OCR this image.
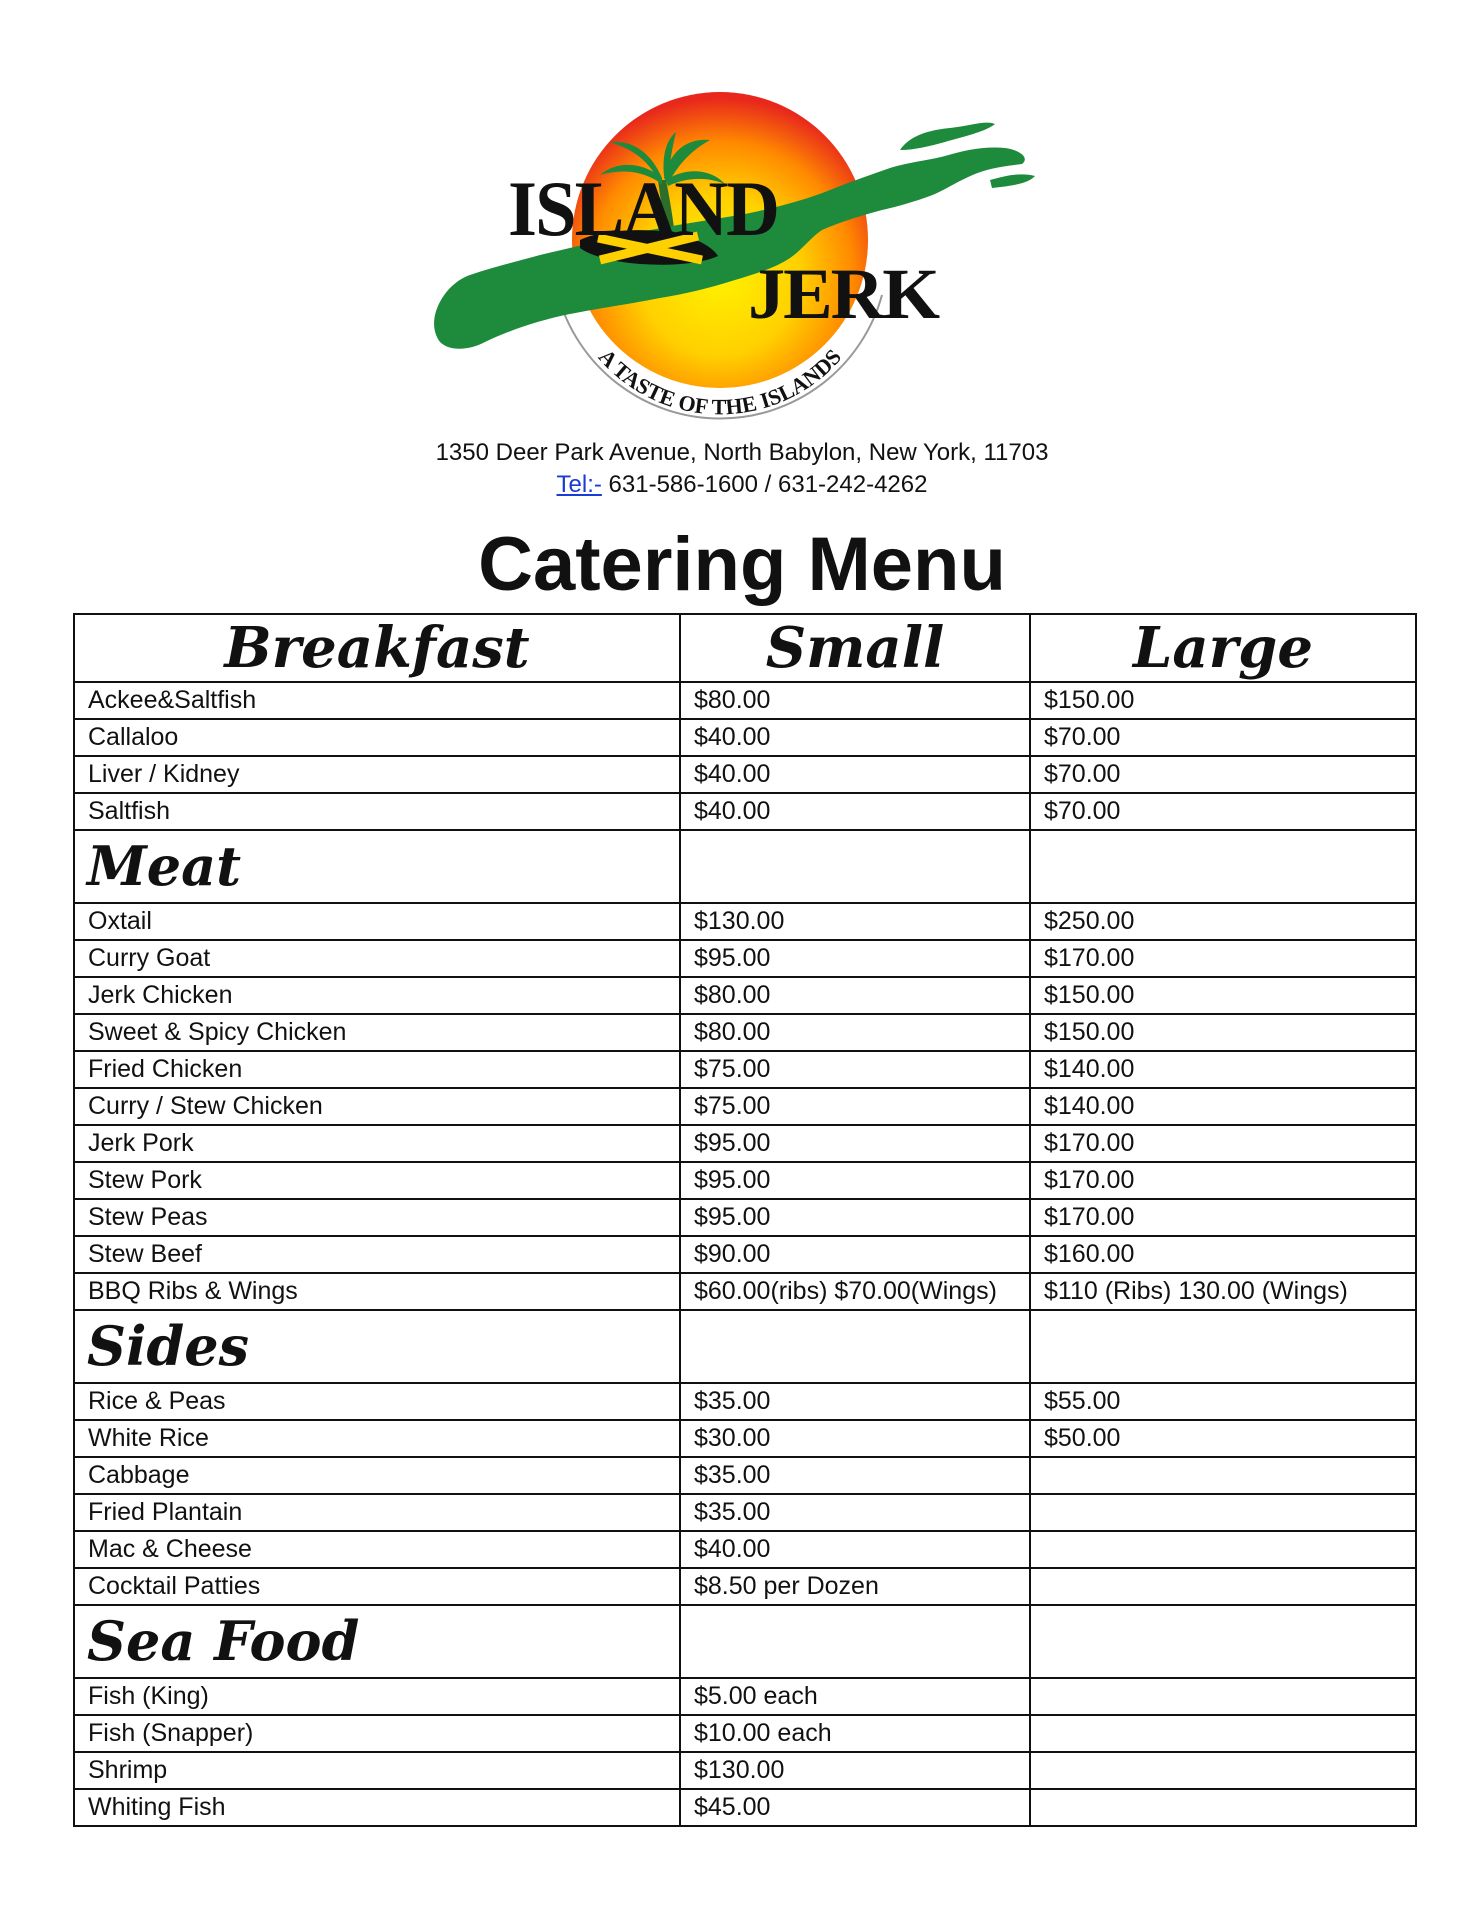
ISLAND
JERK
A TASTE OF THE ISLANDS
1350 Deer Park Avenue, North Babylon, New York, 11703
Tel:- 631-586-1600 / 631-242-4262
Catering Menu
Breakfast	Small	Large
Ackee&Saltfish	$80.00	$150.00
Callaloo	$40.00	$70.00
Liver / Kidney	$40.00	$70.00
Saltfish	$40.00	$70.00
Meat		
Oxtail	$130.00	$250.00
Curry Goat	$95.00	$170.00
Jerk Chicken	$80.00	$150.00
Sweet & Spicy Chicken	$80.00	$150.00
Fried Chicken	$75.00	$140.00
Curry / Stew Chicken	$75.00	$140.00
Jerk Pork	$95.00	$170.00
Stew Pork	$95.00	$170.00
Stew Peas	$95.00	$170.00
Stew Beef	$90.00	$160.00
BBQ Ribs & Wings	$60.00(ribs) $70.00(Wings)	$110 (Ribs) 130.00 (Wings)
Sides		
Rice & Peas	$35.00	$55.00
White Rice	$30.00	$50.00
Cabbage	$35.00	
Fried Plantain	$35.00	
Mac & Cheese	$40.00	
Cocktail Patties	$8.50 per Dozen	
Sea Food		
Fish (King)	$5.00 each	
Fish (Snapper)	$10.00 each	
Shrimp	$130.00	
Whiting Fish	$45.00	
